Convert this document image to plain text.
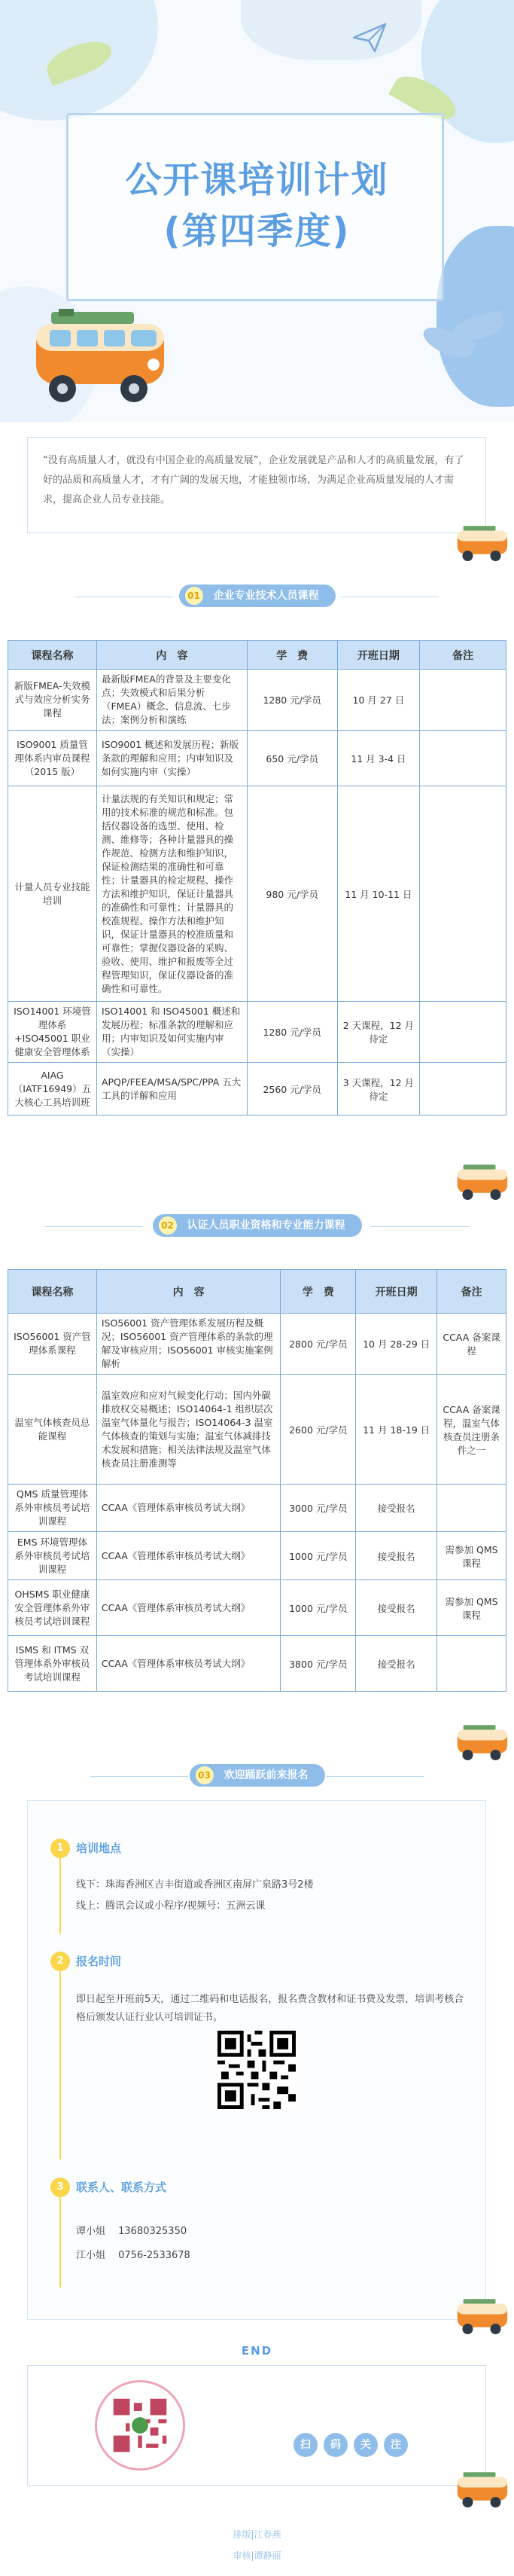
公开课培训计划
(第四季度)
“没有高质量人才，就没有中国企业的高质量发展”，企业发展就是产品和人才的高质量发展，有了好的品质和高质量人才，才有广阔的发展天地，才能独领市场，为满足企业高质量发展的人才需求，提高企业人员专业技能。
01 企业专业技术人员课程
课程名称	内　容	学　费	开班日期	备注
新版FMEA-失效模式与效应分析实务课程	最新版FMEA的背景及主要变化点；失效模式和后果分析（FMEA）概念、信息流、七步法；案例分析和演练	1280 元/学员	10 月 27 日	
ISO9001 质量管理体系内审员课程（2015 版）	ISO9001 概述和发展历程；新版条款的理解和应用；内审知识及如何实施内审（实操）	650 元/学员	11 月 3-4 日	
计量人员专业技能培训	计量法规的有关知识和规定；常用的技术标准的规范和标准。包括仪器设备的选型、使用、检测、维修等；各种计量器具的操作规范、检测方法和维护知识，保证检测结果的准确性和可靠性；计量器具的检定规程、操作方法和维护知识，保证计量器具的准确性和可靠性；计量器具的校准规程、操作方法和维护知识，保证计量器具的校准质量和可靠性；掌握仪器设备的采购、验收、使用、维护和报废等全过程管理知识，保证仪器设备的准确性和可靠性。	980 元/学员	11 月 10-11 日	
ISO14001 环境管理体系+ISO45001 职业健康安全管理体系	ISO14001 和 ISO45001 概述和发展历程；标准条款的理解和应用；内审知识及如何实施内审（实操）	1280 元/学员	2 天课程，12 月待定	
AIAG（IATF16949）五大核心工具培训班	APQP/FEEA/MSA/SPC/PPA 五大工具的详解和应用	2560 元/学员	3 天课程，12 月待定	
02 认证人员职业资格和专业能力课程
课程名称	内　容	学　费	开班日期	备注
ISO56001 资产管理体系课程	ISO56001 资产管理体系发展历程及概况；ISO56001 资产管理体系的条款的理解及审核应用；ISO56001 审核实施案例解析	2800 元/学员	10 月 28-29 日	CCAA 备案课程
温室气体核查员总能课程	温室效应和应对气候变化行动；国内外碳排放权交易概述；ISO14064-1 组织层次温室气体量化与报告；ISO14064-3 温室气体核查的策划与实施；温室气体减排技术发展和措施；相关法律法规及温室气体核查员注册准测等	2600 元/学员	11 月 18-19 日	CCAA 备案课程，温室气体核查员注册条件之一
QMS 质量管理体系外审核员考试培训课程	CCAA《管理体系审核员考试大纲》	3000 元/学员	接受报名	
EMS 环境管理体系外审核员考试培训课程	CCAA《管理体系审核员考试大纲》	1000 元/学员	接受报名	需参加 QMS 课程
OHSMS 职业健康安全管理体系外审核员考试培训课程	CCAA《管理体系审核员考试大纲》	1000 元/学员	接受报名	需参加 QMS 课程
ISMS 和 ITMS 双管理体系外审核员考试培训课程	CCAA《管理体系审核员考试大纲》	3800 元/学员	接受报名	
03 欢迎踊跃前来报名
1	培训地点
线下：珠海香洲区吉丰街道或香洲区南屏广泉路3号2楼
线上：腾讯会议或小程序/视频号：五洲云课
2	报名时间
即日起至开班前5天，通过二维码和电话报名，报名费含教材和证书费及发票，培训考核合格后颁发认证行业认可培训证书。
3	联系人、联系方式
谭小姐　 13680325350
江小姐　 0756-2533678
END
扫	码	关	注
排版|江春燕
审核|谭静丽
